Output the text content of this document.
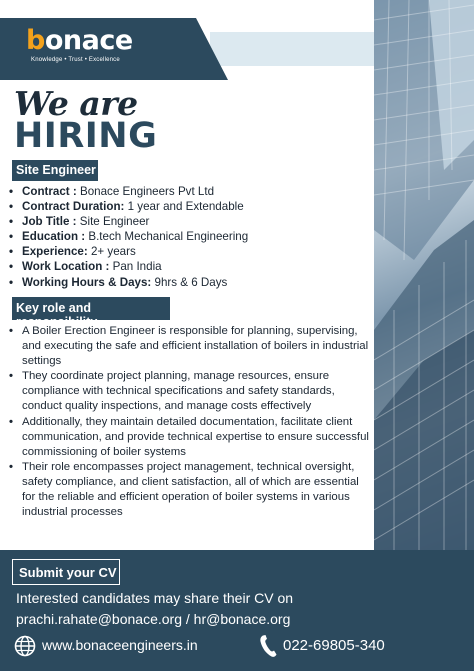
bonace
Knowledge • Trust • Excellence
We are
HIRING
Site Engineer
• Contract : Bonace Engineers Pvt Ltd
• Contract Duration: 1 year and Extendable
• Job Title : Site Engineer
• Education : B.tech Mechanical Engineering
• Experience: 2+ years
• Work Location : Pan India
• Working Hours & Days: 9hrs & 6 Days
Key role and responsibility
• A Boiler Erection Engineer is responsible for planning, supervising, and executing the safe and efficient installation of boilers in industrial settings
• They coordinate project planning, manage resources, ensure compliance with technical specifications and safety standards, conduct quality inspections, and manage costs effectively
• Additionally, they maintain detailed documentation, facilitate client communication, and provide technical expertise to ensure successful commissioning of boiler systems
• Their role encompasses project management, technical oversight, safety compliance, and client satisfaction, all of which are essential for the reliable and efficient operation of boiler systems in various industrial processes
Submit your CV
Interested candidates may share their CV on
prachi.rahate@bonace.org / hr@bonace.org
www.bonaceengineers.in	022-69805-340
